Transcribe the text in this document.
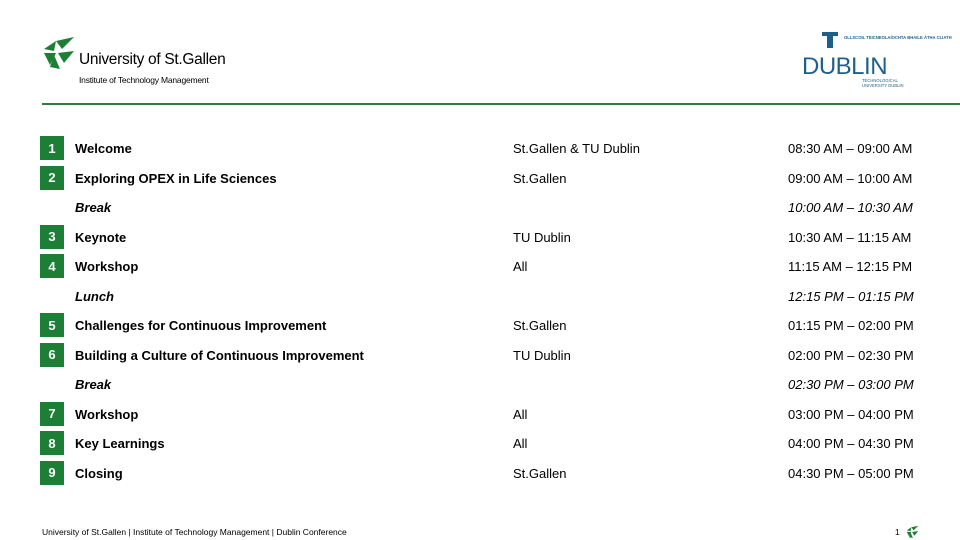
University of St.Gallen
Institute of Technology Management
OLLSCOIL TEICNEOLAÍOCHTA BHAILE ÁTHA CLIATH
DUBLIN
TECHNOLOGICAL
UNIVERSITY DUBLIN
1	Welcome	St.Gallen & TU Dublin	08:30 AM – 09:00 AM
2	Exploring OPEX in Life Sciences	St.Gallen	09:00 AM – 10:00 AM
Break	10:00 AM – 10:30 AM
3	Keynote	TU Dublin	10:30 AM – 11:15 AM
4	Workshop	All	11:15 AM – 12:15 PM
Lunch	12:15 PM – 01:15 PM
5	Challenges for Continuous Improvement	St.Gallen	01:15 PM – 02:00 PM
6	Building a Culture of Continuous Improvement	TU Dublin	02:00 PM – 02:30 PM
Break	02:30 PM – 03:00 PM
7	Workshop	All	03:00 PM – 04:00 PM
8	Key Learnings	All	04:00 PM – 04:30 PM
9	Closing	St.Gallen	04:30 PM – 05:00 PM
University of St.Gallen | Institute of Technology Management | Dublin Conference	1
